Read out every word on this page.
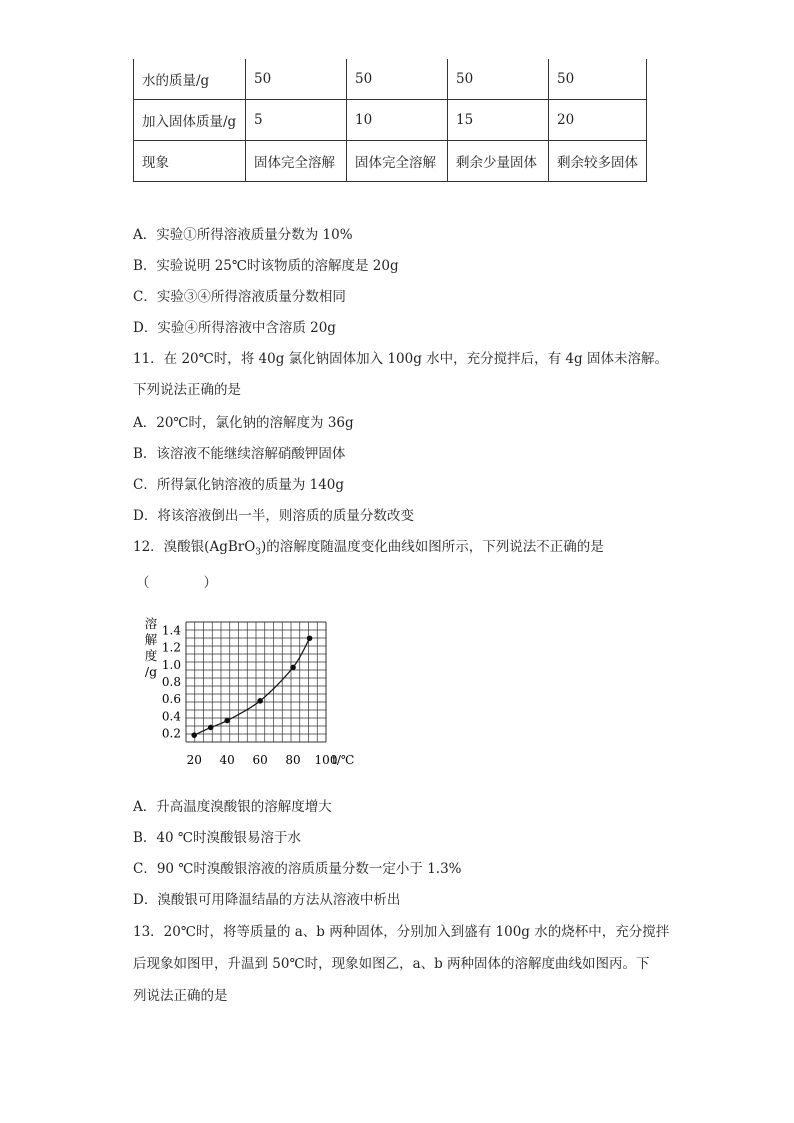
水的质量/g	50	50	50	50
加入固体质量/g	5	10	15	20
现象	固体完全溶解	固体完全溶解	剩余少量固体	剩余较多固体
A．实验①所得溶液质量分数为 10%
B．实验说明 25℃时该物质的溶解度是 20g
C．实验③④所得溶液质量分数相同
D．实验④所得溶液中含溶质 20g
11．在 20℃时，将 40g 氯化钠固体加入 100g 水中，充分搅拌后，有 4g 固体未溶解。
下列说法正确的是
A．20℃时，氯化钠的溶解度为 36g
B．该溶液不能继续溶解硝酸钾固体
C．所得氯化钠溶液的质量为 140g
D．将该溶液倒出一半，则溶质的质量分数改变
12．溴酸银(AgBrO$_3$)的溶解度随温度变化曲线如图所示，下列说法不正确的是
（　　　　）
0.2
0.4
0.6
0.8
1.0
1.2
1.4
20 40 60 80 100
t/℃
溶
解
度
/g
A．升高温度溴酸银的溶解度增大
B．40 ℃时溴酸银易溶于水
C．90 ℃时溴酸银溶液的溶质质量分数一定小于 1.3%
D．溴酸银可用降温结晶的方法从溶液中析出
13．20℃时，将等质量的 a、b 两种固体，分别加入到盛有 100g 水的烧杯中，充分搅拌
后现象如图甲，升温到 50℃时，现象如图乙，a、b 两种固体的溶解度曲线如图丙。下
列说法正确的是
